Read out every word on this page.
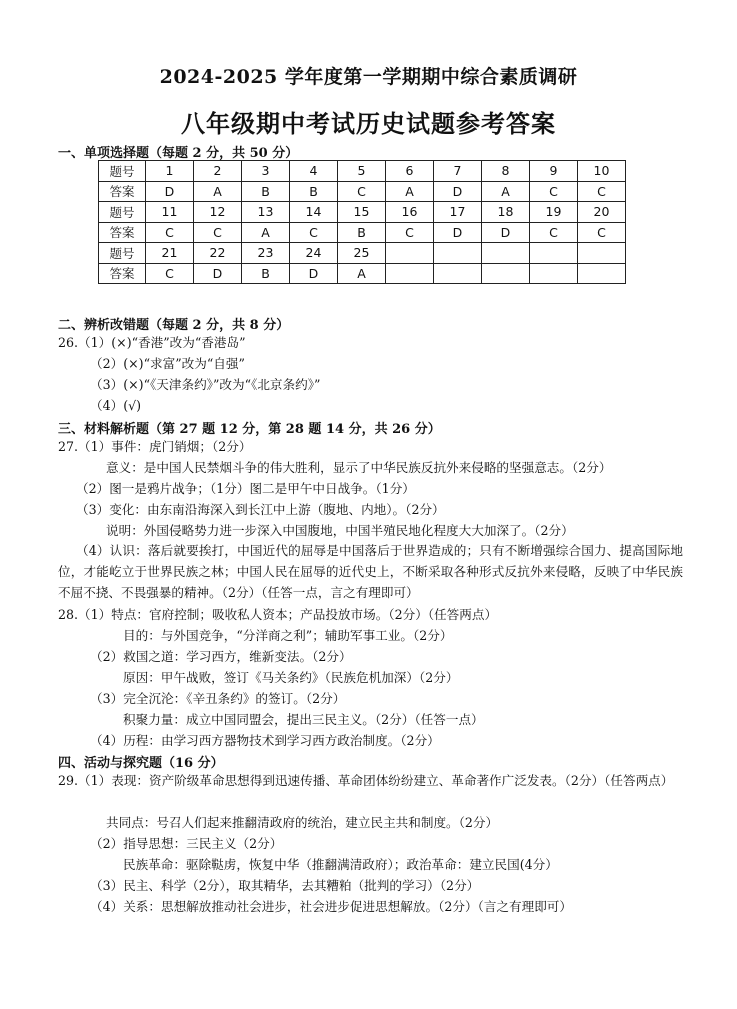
2024-2025 学年度第一学期期中综合素质调研
八年级期中考试历史试题参考答案
一、单项选择题（每题 2 分，共 50 分）
题号	1	2	3	4	5	6	7	8	9	10
答案	D	A	B	B	C	A	D	A	C	C
题号	11	12	13	14	15	16	17	18	19	20
答案	C	C	A	C	B	C	D	D	C	C
题号	21	22	23	24	25					
答案	C	D	B	D	A					
二、辨析改错题（每题 2 分，共 8 分）
26.（1）(×)“香港”改为“香港岛”
（2）(×)“求富”改为“自强”
（3）(×)“《天津条约》”改为“《北京条约》”
（4）(√)
三、材料解析题（第 27 题 12 分，第 28 题 14 分，共 26 分）
27.（1）事件：虎门销烟；（2分）
意义：是中国人民禁烟斗争的伟大胜利，显示了中华民族反抗外来侵略的坚强意志。（2分）
（2）图一是鸦片战争；（1分）图二是甲午中日战争。（1分）
（3）变化：由东南沿海深入到长江中上游（腹地、内地）。（2分）
说明：外国侵略势力进一步深入中国腹地，中国半殖民地化程度大大加深了。（2分）
（4）认识：落后就要挨打，中国近代的屈辱是中国落后于世界造成的；只有不断增强综合国力、提高国际地位，才能屹立于世界民族之林；中国人民在屈辱的近代史上，不断采取各种形式反抗外来侵略，反映了中华民族不屈不挠、不畏强暴的精神。（2分）（任答一点，言之有理即可）
28.（1）特点：官府控制；吸收私人资本；产品投放市场。（2分）（任答两点）
目的：与外国竞争，“分洋商之利”；辅助军事工业。（2分）
（2）救国之道：学习西方，维新变法。（2分）
原因：甲午战败，签订《马关条约》（民族危机加深）（2分）
（3）完全沉沦：《辛丑条约》的签订。（2分）
积聚力量：成立中国同盟会，提出三民主义。（2分）（任答一点）
（4）历程：由学习西方器物技术到学习西方政治制度。（2分）
四、活动与探究题（16 分）
29.（1）表现：资产阶级革命思想得到迅速传播、革命团体纷纷建立、革命著作广泛发表。（2分）（任答两点）
共同点：号召人们起来推翻清政府的统治，建立民主共和制度。（2分）
（2）指导思想：三民主义（2分）
民族革命：驱除鞑虏，恢复中华（推翻满清政府）；政治革命：建立民国(4分）
（3）民主、科学（2分），取其精华，去其糟粕（批判的学习）（2分）
（4）关系：思想解放推动社会进步，社会进步促进思想解放。（2分）（言之有理即可）
